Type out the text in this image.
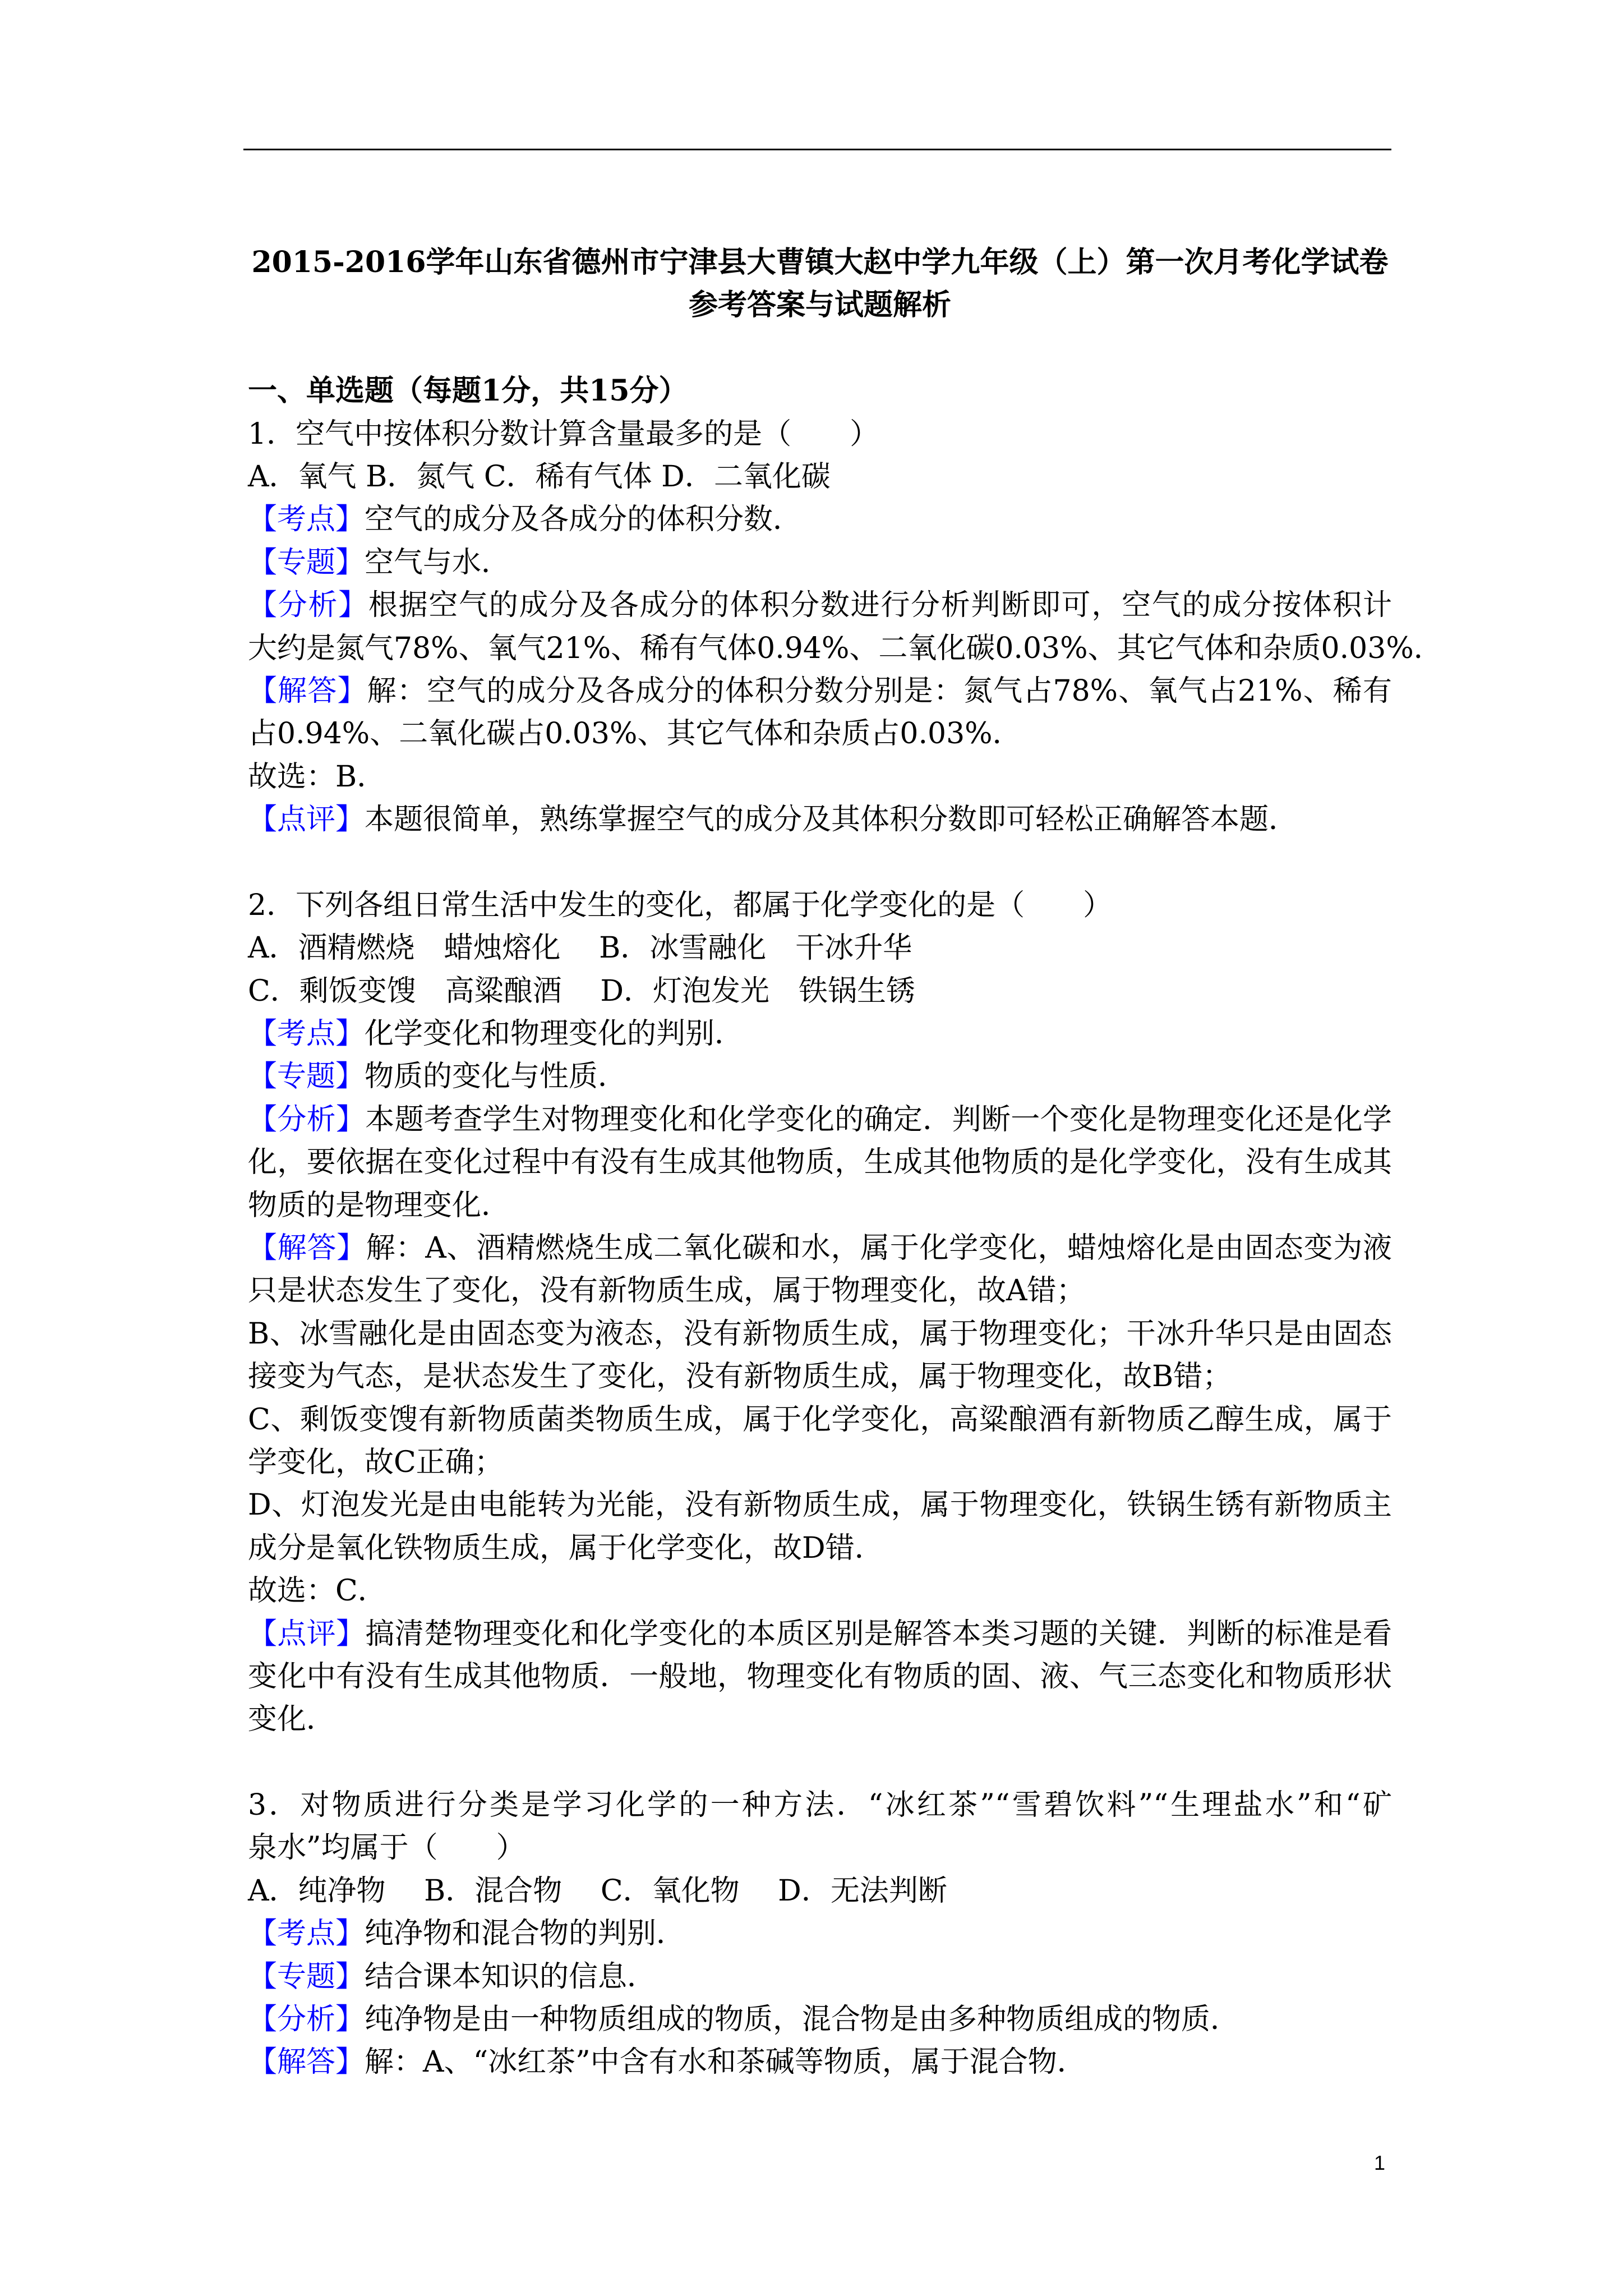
2015-2016学年山东省德州市宁津县大曹镇大赵中学九年级（上）第一次月考化学试卷
参考答案与试题解析
一、单选题（每题1分，共15分）
1．空气中按体积分数计算含量最多的是（　　）
A．氧气 B．氮气 C．稀有气体 D．二氧化碳
【考点】空气的成分及各成分的体积分数．
【专题】空气与水．
【分析】根据空气的成分及各成分的体积分数进行分析判断即可，空气的成分按体积计
大约是氮气78%、氧气21%、稀有气体0.94%、二氧化碳0.03%、其它气体和杂质0.03%．
【解答】解：空气的成分及各成分的体积分数分别是：氮气占78%、氧气占21%、稀有
占0.94%、二氧化碳占0.03%、其它气体和杂质占0.03%．
故选：B．
【点评】本题很简单，熟练掌握空气的成分及其体积分数即可轻松正确解答本题．
2．下列各组日常生活中发生的变化，都属于化学变化的是（　　）
A．酒精燃烧　蜡烛熔化　 B．冰雪融化　干冰升华
C．剩饭变馊　高粱酿酒　 D．灯泡发光　铁锅生锈
【考点】化学变化和物理变化的判别．
【专题】物质的变化与性质．
【分析】本题考查学生对物理变化和化学变化的确定．判断一个变化是物理变化还是化学
化，要依据在变化过程中有没有生成其他物质，生成其他物质的是化学变化，没有生成其
物质的是物理变化．
【解答】解：A、酒精燃烧生成二氧化碳和水，属于化学变化，蜡烛熔化是由固态变为液
只是状态发生了变化，没有新物质生成，属于物理变化，故A错；
B、冰雪融化是由固态变为液态，没有新物质生成，属于物理变化；干冰升华只是由固态
接变为气态，是状态发生了变化，没有新物质生成，属于物理变化，故B错；
C、剩饭变馊有新物质菌类物质生成，属于化学变化，高粱酿酒有新物质乙醇生成，属于
学变化，故C正确；
D、灯泡发光是由电能转为光能，没有新物质生成，属于物理变化，铁锅生锈有新物质主
成分是氧化铁物质生成，属于化学变化，故D错．
故选：C．
【点评】搞清楚物理变化和化学变化的本质区别是解答本类习题的关键．判断的标准是看
变化中有没有生成其他物质．一般地，物理变化有物质的固、液、气三态变化和物质形状
变化．
3．对物质进行分类是学习化学的一种方法．“冰红茶”“雪碧饮料”“生理盐水”和“矿
泉水”均属于（　　）
A．纯净物　 B．混合物　 C．氧化物　 D．无法判断
【考点】纯净物和混合物的判别．
【专题】结合课本知识的信息．
【分析】纯净物是由一种物质组成的物质，混合物是由多种物质组成的物质．
【解答】解：A、“冰红茶”中含有水和茶碱等物质，属于混合物．
1
